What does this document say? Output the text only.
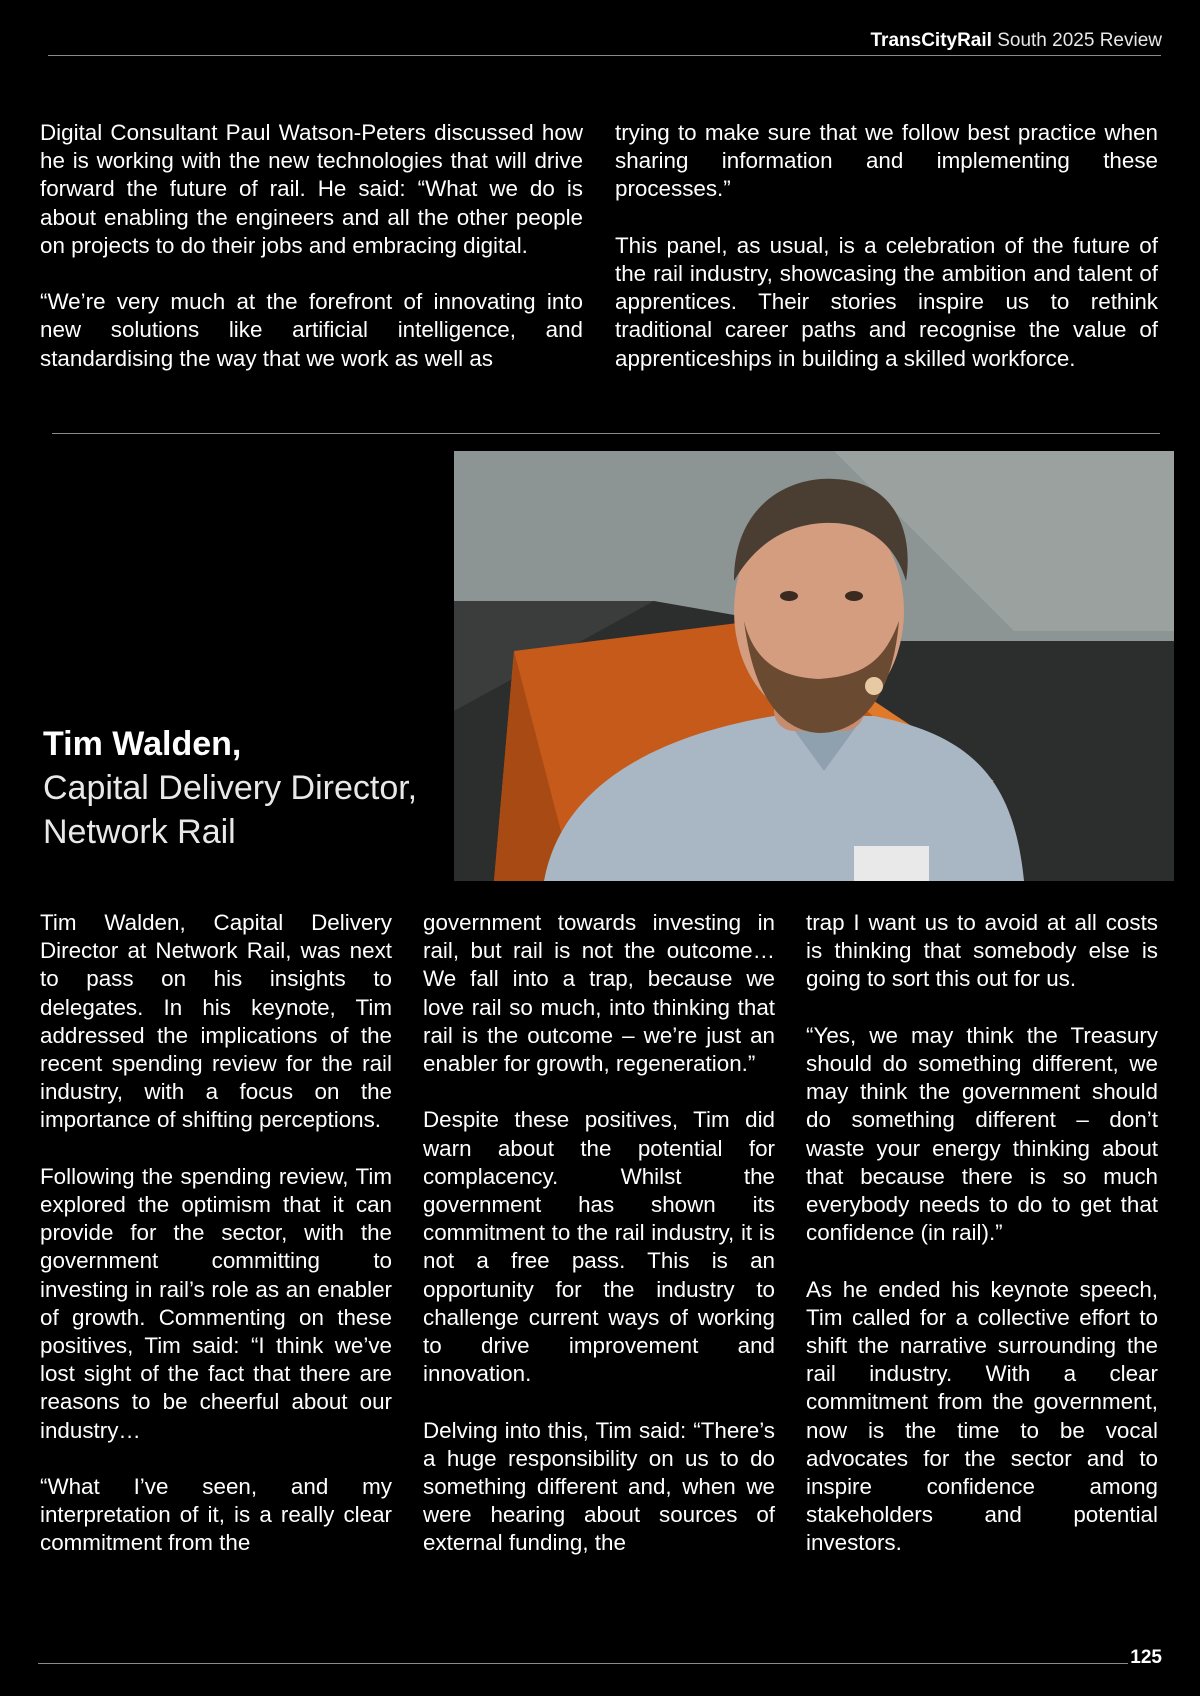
TransCityRail South 2025 Review

Digital Consultant Paul Watson-Peters discussed how he is working with the new technologies that will drive forward the future of rail. He said: “What we do is about enabling the engineers and all the other people on projects to do their jobs and embracing digital.

“We’re very much at the forefront of innovating into new solutions like artificial intelligence, and standardising the way that we work as well as

trying to make sure that we follow best practice when sharing information and implementing these processes.”

This panel, as usual, is a celebration of the future of the rail industry, showcasing the ambition and talent of apprentices. Their stories inspire us to rethink traditional career paths and recognise the value of apprenticeships in building a skilled workforce.

Tim Walden,
Capital Delivery Director,
Network Rail

Tim Walden, Capital Delivery Director at Network Rail, was next to pass on his insights to delegates. In his keynote, Tim addressed the implications of the recent spending review for the rail industry, with a focus on the importance of shifting perceptions.

Following the spending review, Tim explored the optimism that it can provide for the sector, with the government committing to investing in rail’s role as an enabler of growth. Commenting on these positives, Tim said: “I think we’ve lost sight of the fact that there are reasons to be cheerful about our industry…

“What I’ve seen, and my interpretation of it, is a really clear commitment from the

government towards investing in rail, but rail is not the outcome… We fall into a trap, because we love rail so much, into thinking that rail is the outcome – we’re just an enabler for growth, regeneration.”

Despite these positives, Tim did warn about the potential for complacency. Whilst the government has shown its commitment to the rail industry, it is not a free pass. This is an opportunity for the industry to challenge current ways of working to drive improvement and innovation.

Delving into this, Tim said: “There’s a huge responsibility on us to do something different and, when we were hearing about sources of external funding, the

trap I want us to avoid at all costs is thinking that somebody else is going to sort this out for us.

“Yes, we may think the Treasury should do something different, we may think the government should do something different – don’t waste your energy thinking about that because there is so much everybody needs to do to get that confidence (in rail).”

As he ended his keynote speech, Tim called for a collective effort to shift the narrative surrounding the rail industry. With a clear commitment from the government, now is the time to be vocal advocates for the sector and to inspire confidence among stakeholders and potential investors.

125
